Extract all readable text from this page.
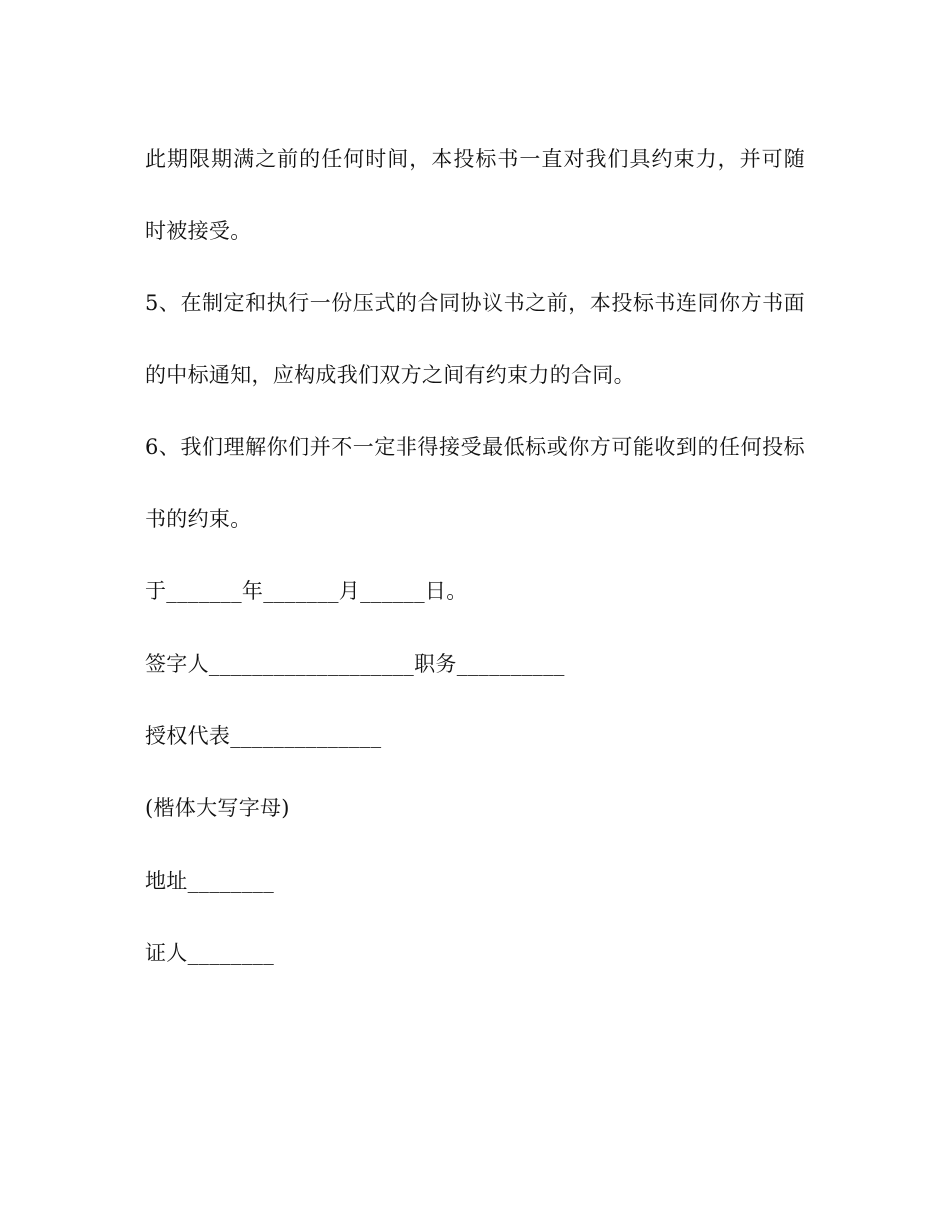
此期限期满之前的任何时间，本投标书一直对我们具约束力，并可随
时被接受。
5、在制定和执行一份压式的合同协议书之前，本投标书连同你方书面
的中标通知，应构成我们双方之间有约束力的合同。
6、我们理解你们并不一定非得接受最低标或你方可能收到的任何投标
书的约束。
于_______年_______月______日。
签字人___________________职务__________
授权代表______________
(楷体大写字母)
地址________
证人________
